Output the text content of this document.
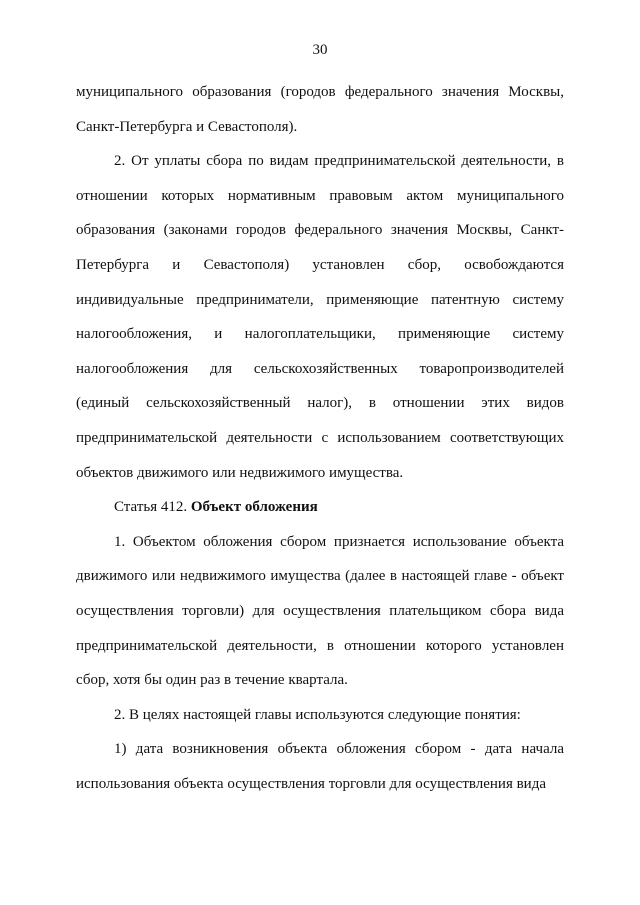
30

муниципального образования (городов федерального значения Москвы, Санкт-Петербурга и Севастополя).

2. От уплаты сбора по видам предпринимательской деятельности, в отношении которых нормативным правовым актом муниципального образования (законами городов федерального значения Москвы, Санкт-Петербурга и Севастополя) установлен сбор, освобождаются индивидуальные предприниматели, применяющие патентную систему налогообложения, и налогоплательщики, применяющие систему налогообложения для сельскохозяйственных товаропроизводителей (единый сельскохозяйственный налог), в отношении этих видов предпринимательской деятельности с использованием соответствующих объектов движимого или недвижимого имущества.

Статья 412. Объект обложения

1. Объектом обложения сбором признается использование объекта движимого или недвижимого имущества (далее в настоящей главе - объект осуществления торговли) для осуществления плательщиком сбора вида предпринимательской деятельности, в отношении которого установлен сбор, хотя бы один раз в течение квартала.

2. В целях настоящей главы используются следующие понятия:

1) дата возникновения объекта обложения сбором - дата начала использования объекта осуществления торговли для осуществления вида
